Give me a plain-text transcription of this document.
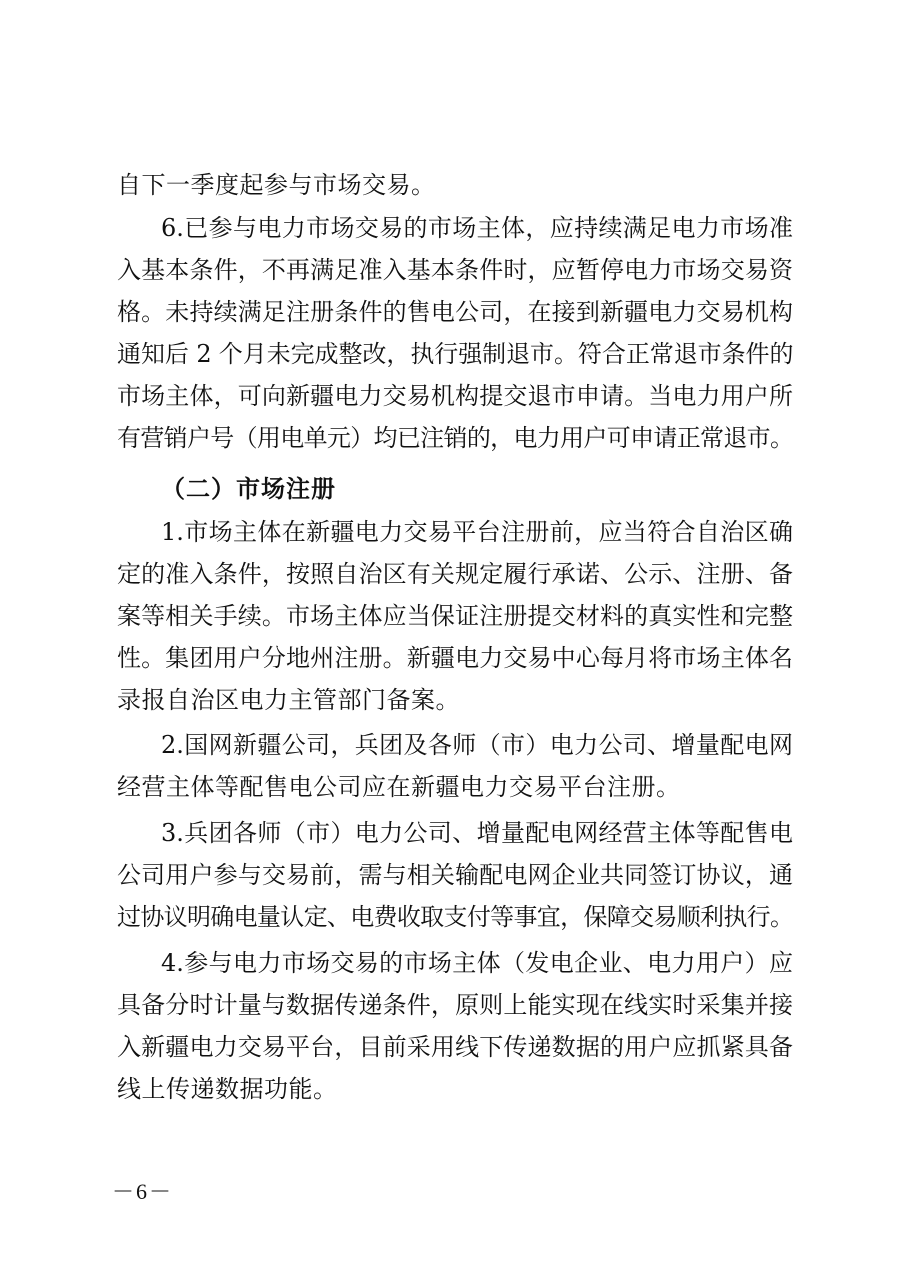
自下一季度起参与市场交易。
6.已参与电力市场交易的市场主体，应持续满足电力市场准
入基本条件，不再满足准入基本条件时，应暂停电力市场交易资
格。未持续满足注册条件的售电公司，在接到新疆电力交易机构
通知后 2 个月未完成整改，执行强制退市。符合正常退市条件的
市场主体，可向新疆电力交易机构提交退市申请。当电力用户所
有营销户号（用电单元）均已注销的，电力用户可申请正常退市。
（二）市场注册
1.市场主体在新疆电力交易平台注册前，应当符合自治区确
定的准入条件，按照自治区有关规定履行承诺、公示、注册、备
案等相关手续。市场主体应当保证注册提交材料的真实性和完整
性。集团用户分地州注册。新疆电力交易中心每月将市场主体名
录报自治区电力主管部门备案。
2.国网新疆公司，兵团及各师（市）电力公司、增量配电网
经营主体等配售电公司应在新疆电力交易平台注册。
3.兵团各师（市）电力公司、增量配电网经营主体等配售电
公司用户参与交易前，需与相关输配电网企业共同签订协议，通
过协议明确电量认定、电费收取支付等事宜，保障交易顺利执行。
4.参与电力市场交易的市场主体（发电企业、电力用户）应
具备分时计量与数据传递条件，原则上能实现在线实时采集并接
入新疆电力交易平台，目前采用线下传递数据的用户应抓紧具备
线上传递数据功能。
－6－
